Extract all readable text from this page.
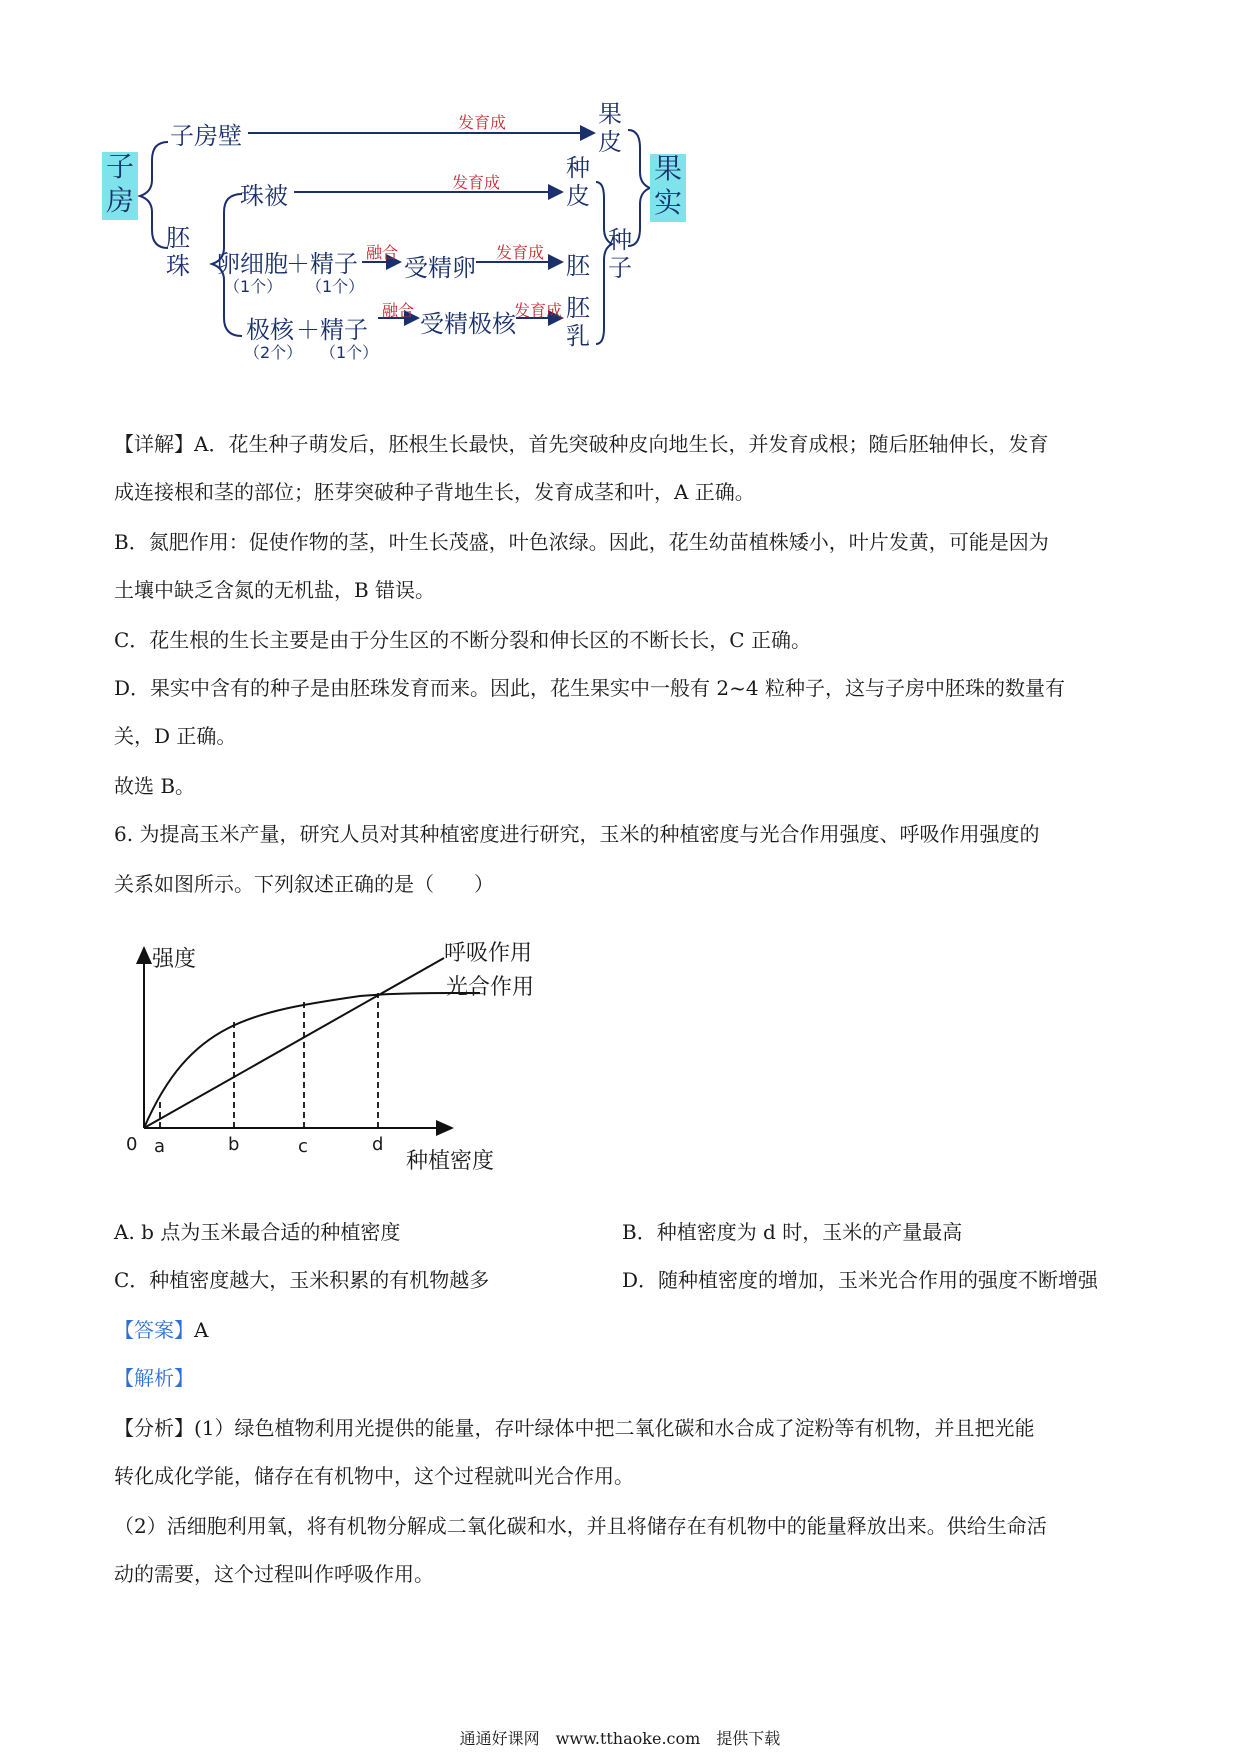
子
房
子房壁
胚
珠
珠被
卵细胞
（1个）
＋ 精子
（1个）
极核
（2个）
＋ 精子
（1个）
发育成
发育成
融合
受精卵
发育成
融合 受精极核
发育成
果
皮
种
皮
胚
胚
乳
种
子
果
实
【详解】A．花生种子萌发后，胚根生长最快，首先突破种皮向地生长，并发育成根；随后胚轴伸长，发育
成连接根和茎的部位；胚芽突破种子背地生长，发育成茎和叶，A 正确。
B．氮肥作用：促使作物的茎，叶生长茂盛，叶色浓绿。因此，花生幼苗植株矮小，叶片发黄，可能是因为
土壤中缺乏含氮的无机盐，B 错误。
C．花生根的生长主要是由于分生区的不断分裂和伸长区的不断长长，C 正确。
D．果实中含有的种子是由胚珠发育而来。因此，花生果实中一般有 2~4 粒种子，这与子房中胚珠的数量有
关，D 正确。
故选 B。
6. 为提高玉米产量，研究人员对其种植密度进行研究，玉米的种植密度与光合作用强度、呼吸作用强度的
关系如图所示。下列叙述正确的是（　　）
强度	呼吸作用
光合作用
0 a	b	c	d
种植密度
A. b 点为玉米最合适的种植密度	B．种植密度为 d 时，玉米的产量最高
C．种植密度越大，玉米积累的有机物越多	D．随种植密度的增加，玉米光合作用的强度不断增强
【答案】A
【解析】
【分析】(1）绿色植物利用光提供的能量，存叶绿体中把二氧化碳和水合成了淀粉等有机物，并且把光能
转化成化学能，储存在有机物中，这个过程就叫光合作用。
（2）活细胞利用氧，将有机物分解成二氧化碳和水，并且将储存在有机物中的能量释放出来。供给生命活
动的需要，这个过程叫作呼吸作用。
通通好课网　www.tthaoke.com　提供下载
